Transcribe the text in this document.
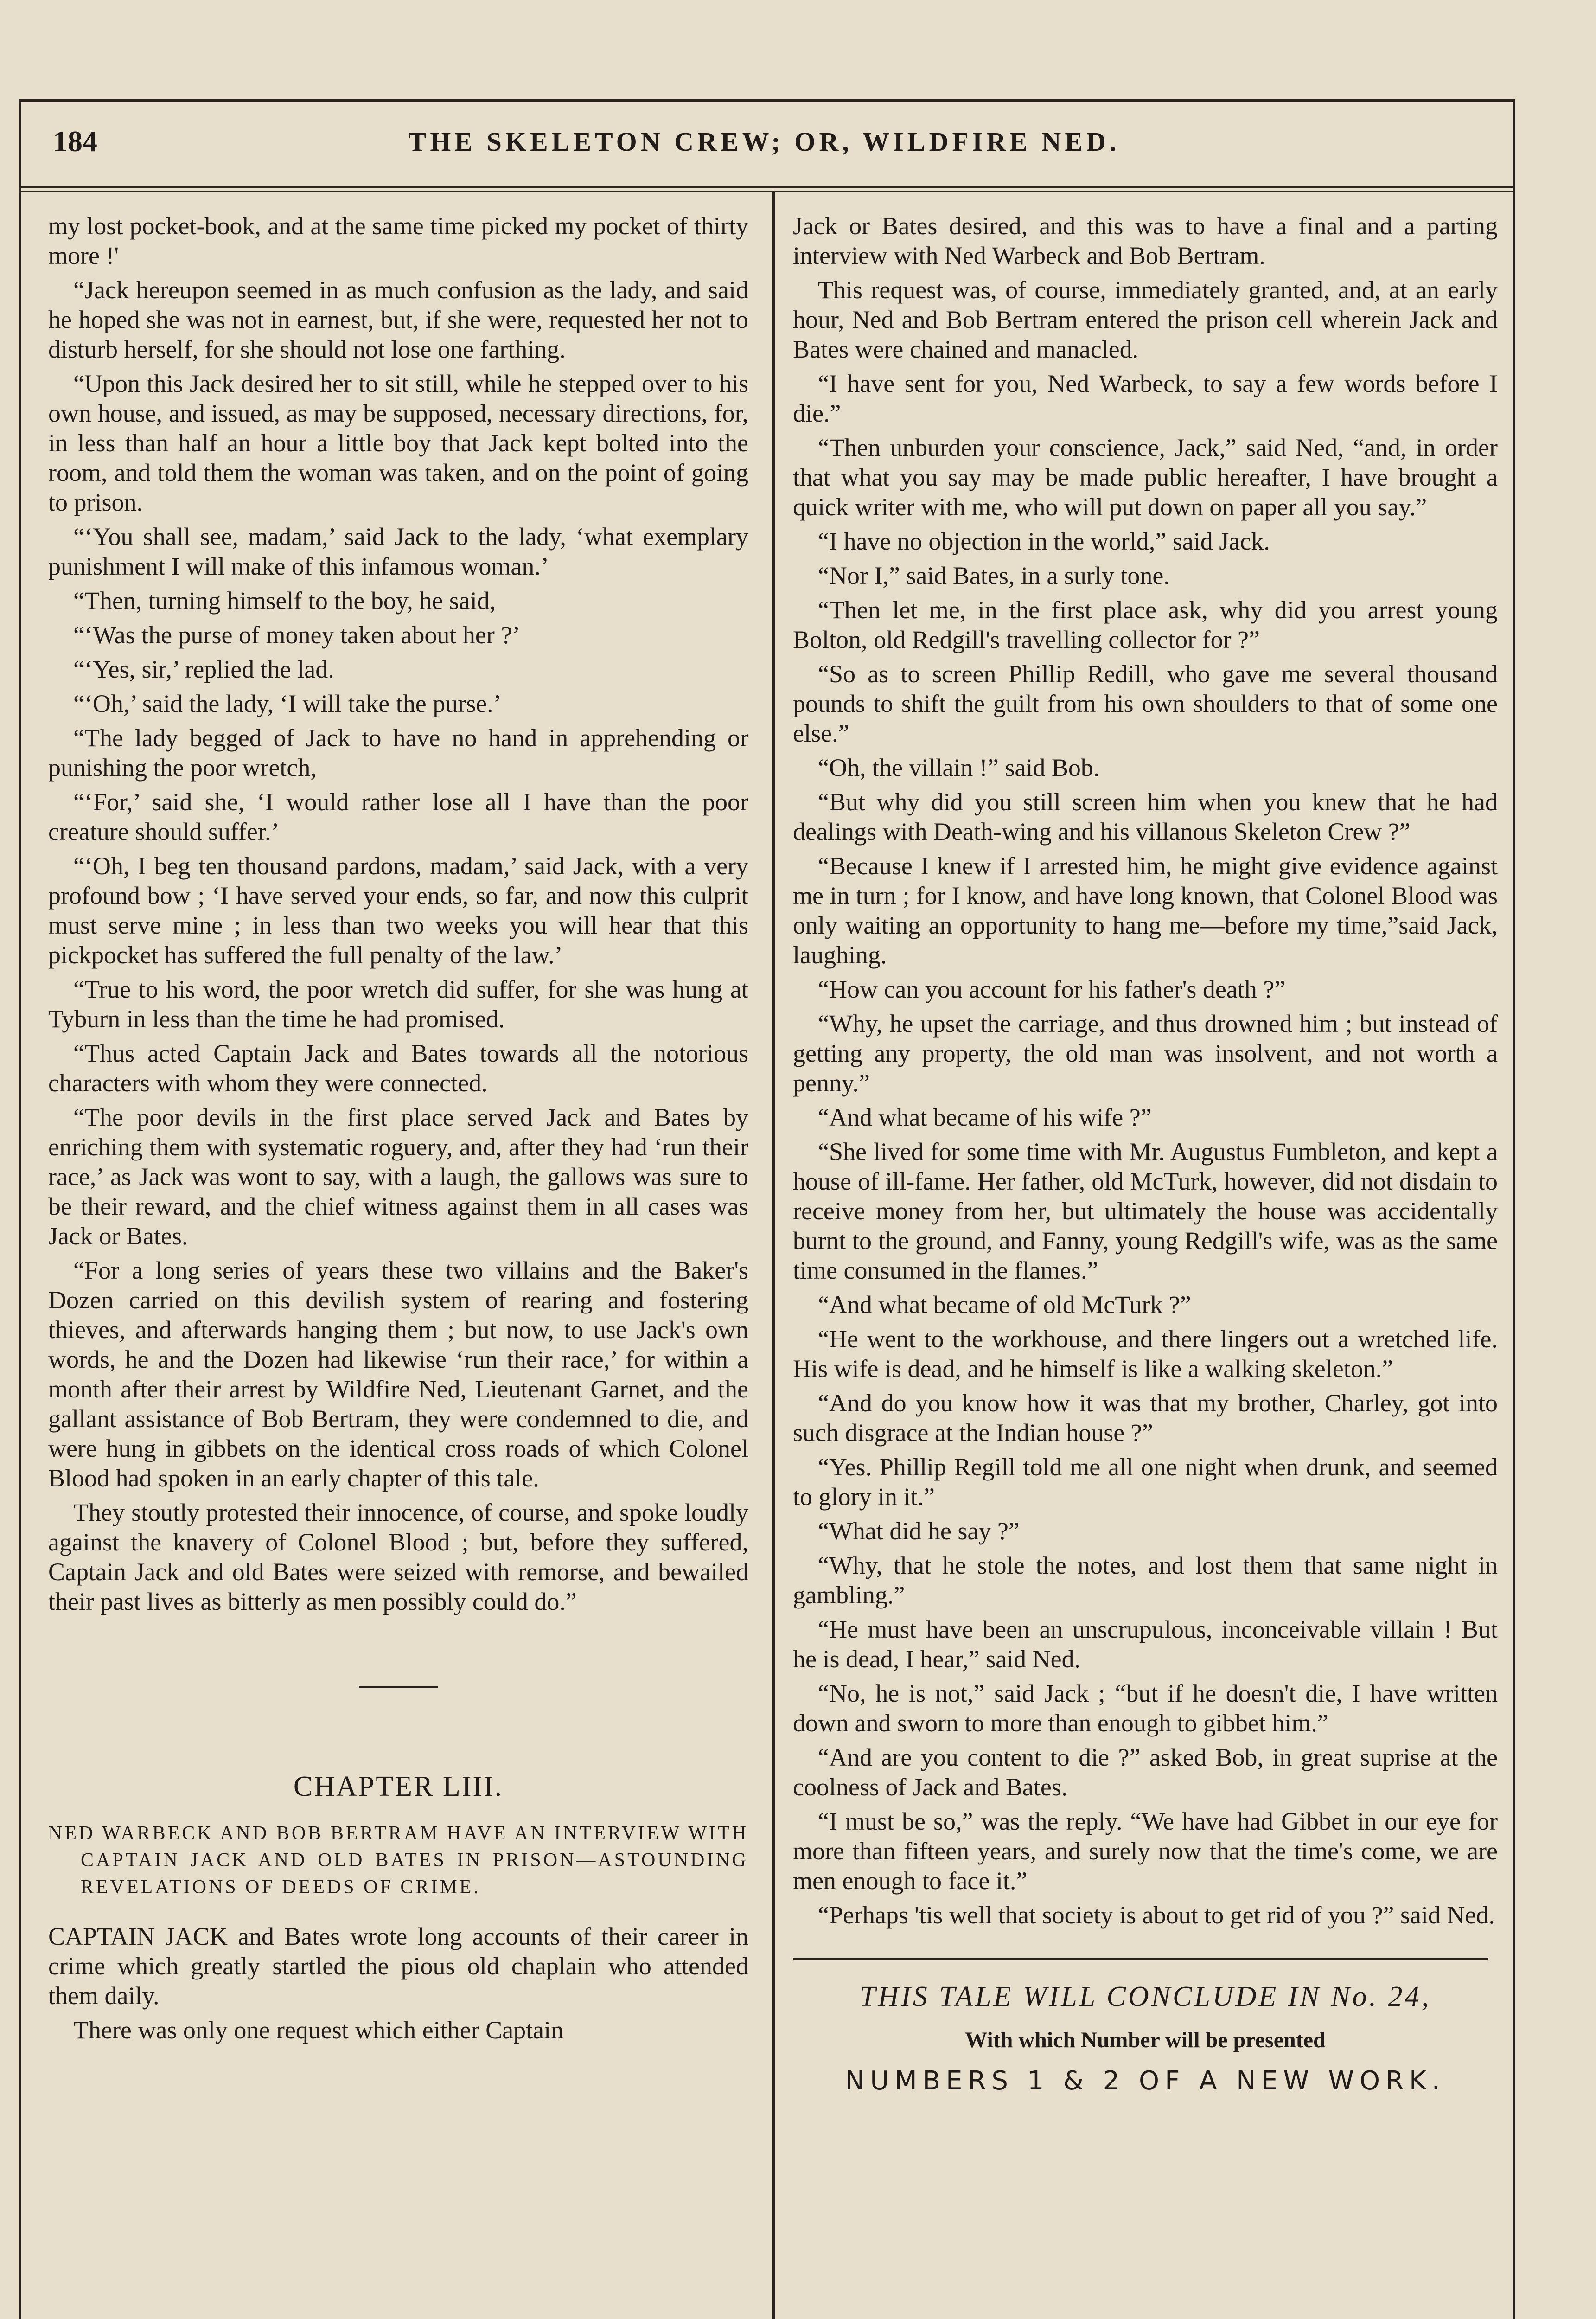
184	THE SKELETON CREW; OR, WILDFIRE NED.

my lost pocket-book, and at the same time picked my pocket of thirty more !'

“Jack hereupon seemed in as much confusion as the lady, and said he hoped she was not in earnest, but, if she were, requested her not to disturb herself, for she should not lose one farthing.

“Upon this Jack desired her to sit still, while he stepped over to his own house, and issued, as may be supposed, necessary directions, for, in less than half an hour a little boy that Jack kept bolted into the room, and told them the woman was taken, and on the point of going to prison.

“‘You shall see, madam,’ said Jack to the lady, ‘what exemplary punishment I will make of this infamous woman.’

“Then, turning himself to the boy, he said,

“‘Was the purse of money taken about her ?’

“‘Yes, sir,’ replied the lad.

“‘Oh,’ said the lady, ‘I will take the purse.’

“The lady begged of Jack to have no hand in apprehending or punishing the poor wretch,

“‘For,’ said she, ‘I would rather lose all I have than the poor creature should suffer.’

“‘Oh, I beg ten thousand pardons, madam,’ said Jack, with a very profound bow ; ‘I have served your ends, so far, and now this culprit must serve mine ; in less than two weeks you will hear that this pickpocket has suffered the full penalty of the law.’

“True to his word, the poor wretch did suffer, for she was hung at Tyburn in less than the time he had promised.

“Thus acted Captain Jack and Bates towards all the notorious characters with whom they were connected.

“The poor devils in the first place served Jack and Bates by enriching them with systematic roguery, and, after they had ‘run their race,’ as Jack was wont to say, with a laugh, the gallows was sure to be their reward, and the chief witness against them in all cases was Jack or Bates.

“For a long series of years these two villains and the Baker's Dozen carried on this devilish system of rearing and fostering thieves, and afterwards hanging them ; but now, to use Jack's own words, he and the Dozen had likewise ‘run their race,’ for within a month after their arrest by Wildfire Ned, Lieutenant Garnet, and the gallant assistance of Bob Bertram, they were condemned to die, and were hung in gibbets on the identical cross roads of which Colonel Blood had spoken in an early chapter of this tale.

They stoutly protested their innocence, of course, and spoke loudly against the knavery of Colonel Blood ; but, before they suffered, Captain Jack and old Bates were seized with remorse, and bewailed their past lives as bitterly as men possibly could do.”

CHAPTER LIII.
NED WARBECK AND BOB BERTRAM HAVE AN INTERVIEW WITH CAPTAIN JACK AND OLD BATES IN PRISON—ASTOUNDING REVELATIONS OF DEEDS OF CRIME.

CAPTAIN JACK and Bates wrote long accounts of their career in crime which greatly startled the pious old chaplain who attended them daily.

There was only one request which either Captain

Jack or Bates desired, and this was to have a final and a parting interview with Ned Warbeck and Bob Bertram.

This request was, of course, immediately granted, and, at an early hour, Ned and Bob Bertram entered the prison cell wherein Jack and Bates were chained and manacled.

“I have sent for you, Ned Warbeck, to say a few words before I die.”

“Then unburden your conscience, Jack,” said Ned, “and, in order that what you say may be made public hereafter, I have brought a quick writer with me, who will put down on paper all you say.”

“I have no objection in the world,” said Jack.

“Nor I,” said Bates, in a surly tone.

“Then let me, in the first place ask, why did you arrest young Bolton, old Redgill's travelling collector for ?”

“So as to screen Phillip Redill, who gave me several thousand pounds to shift the guilt from his own shoulders to that of some one else.”

“Oh, the villain !” said Bob.

“But why did you still screen him when you knew that he had dealings with Death-wing and his villanous Skeleton Crew ?”

“Because I knew if I arrested him, he might give evidence against me in turn ; for I know, and have long known, that Colonel Blood was only waiting an opportunity to hang me—before my time,”said Jack, laughing.

“How can you account for his father's death ?”

“Why, he upset the carriage, and thus drowned him ; but instead of getting any property, the old man was insolvent, and not worth a penny.”

“And what became of his wife ?”

“She lived for some time with Mr. Augustus Fumbleton, and kept a house of ill-fame. Her father, old McTurk, however, did not disdain to receive money from her, but ultimately the house was accidentally burnt to the ground, and Fanny, young Redgill's wife, was as the same time consumed in the flames.”

“And what became of old McTurk ?”

“He went to the workhouse, and there lingers out a wretched life. His wife is dead, and he himself is like a walking skeleton.”

“And do you know how it was that my brother, Charley, got into such disgrace at the Indian house ?”

“Yes. Phillip Regill told me all one night when drunk, and seemed to glory in it.”

“What did he say ?”

“Why, that he stole the notes, and lost them that same night in gambling.”

“He must have been an unscrupulous, inconceivable villain ! But he is dead, I hear,” said Ned.

“No, he is not,” said Jack ; “but if he doesn't die, I have written down and sworn to more than enough to gibbet him.”

“And are you content to die ?” asked Bob, in great suprise at the coolness of Jack and Bates.

“I must be so,” was the reply. “We have had Gibbet in our eye for more than fifteen years, and surely now that the time's come, we are men enough to face it.”

“Perhaps 'tis well that society is about to get rid of you ?” said Ned.

THIS TALE WILL CONCLUDE IN No. 24,
With which Number will be presented
NUMBERS 1 & 2 OF A NEW WORK.
